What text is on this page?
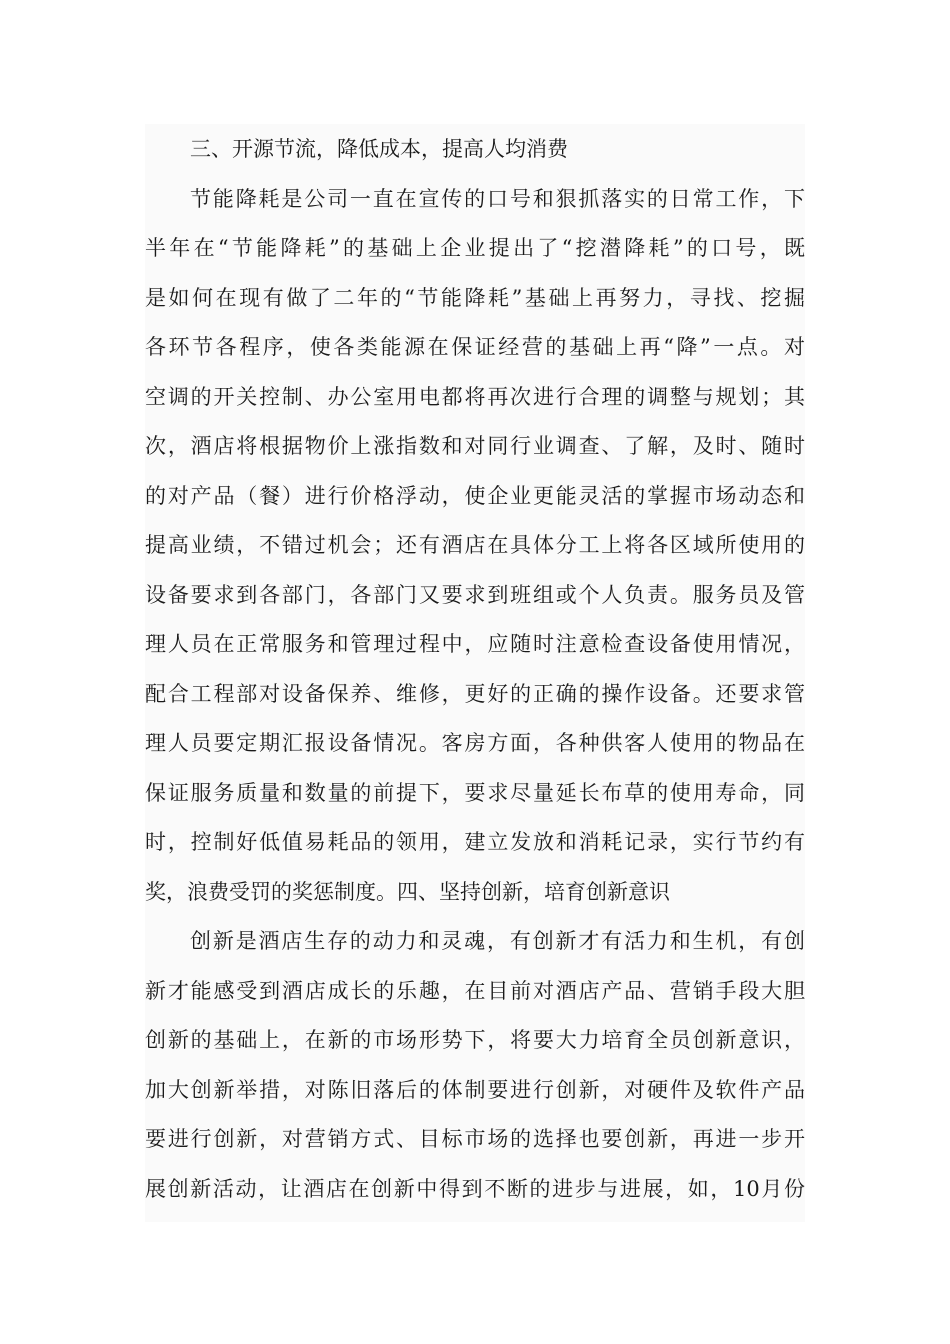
三、开源节流，降低成本，提高人均消费
节能降耗是公司一直在宣传的口号和狠抓落实的日常工作，下
半年在“节能降耗”的基础上企业提出了“挖潜降耗”的口号，既
是如何在现有做了二年的“节能降耗”基础上再努力，寻找、挖掘
各环节各程序，使各类能源在保证经营的基础上再“降”一点。对
空调的开关控制、办公室用电都将再次进行合理的调整与规划；其
次，酒店将根据物价上涨指数和对同行业调查、了解，及时、随时
的对产品（餐）进行价格浮动，使企业更能灵活的掌握市场动态和
提高业绩，不错过机会；还有酒店在具体分工上将各区域所使用的
设备要求到各部门，各部门又要求到班组或个人负责。服务员及管
理人员在正常服务和管理过程中，应随时注意检查设备使用情况，
配合工程部对设备保养、维修，更好的正确的操作设备。还要求管
理人员要定期汇报设备情况。客房方面，各种供客人使用的物品在
保证服务质量和数量的前提下，要求尽量延长布草的使用寿命，同
时，控制好低值易耗品的领用，建立发放和消耗记录，实行节约有
奖，浪费受罚的奖惩制度。四、坚持创新，培育创新意识
创新是酒店生存的动力和灵魂，有创新才有活力和生机，有创
新才能感受到酒店成长的乐趣，在目前对酒店产品、营销手段大胆
创新的基础上，在新的市场形势下，将要大力培育全员创新意识，
加大创新举措，对陈旧落后的体制要进行创新，对硬件及软件产品
要进行创新，对营销方式、目标市场的选择也要创新，再进一步开
展创新活动，让酒店在创新中得到不断的进步与进展，如，10月份
